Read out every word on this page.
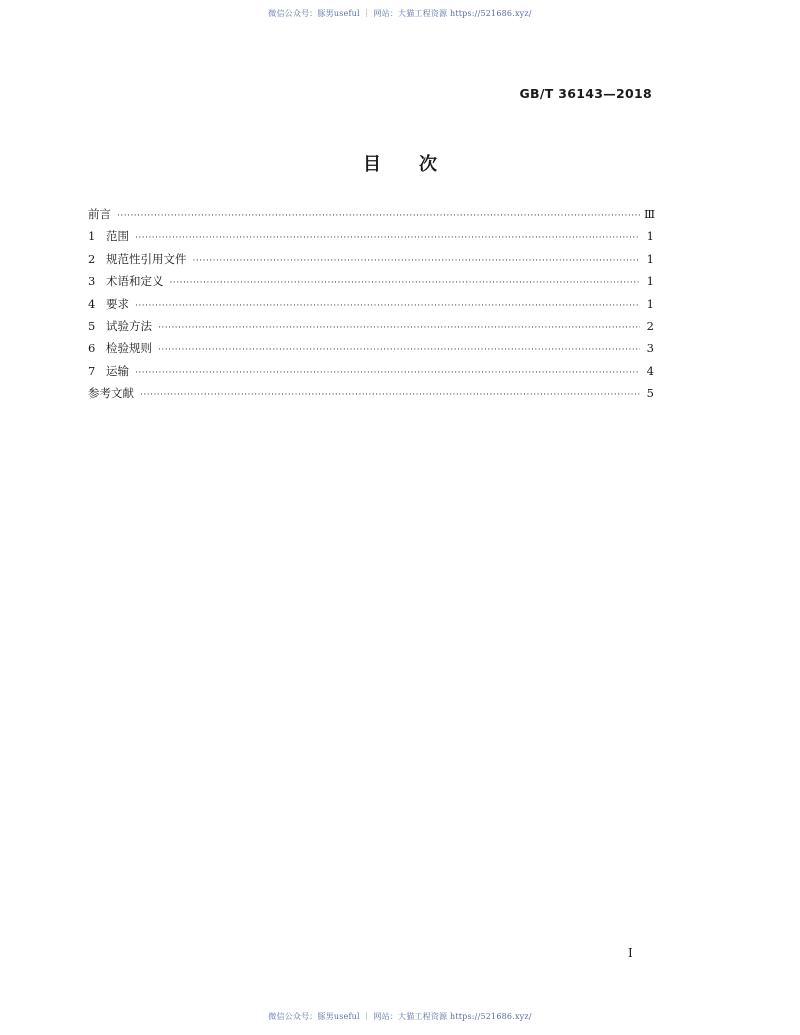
微信公众号：豚男useful ｜ 网站：大猫工程资源 https://521686.xyz/
GB/T 36143—2018
目次
前言 ·····	Ⅲ
1 范围 ·····	1
2 规范性引用文件 ·····	1
3 术语和定义 ·····	1
4 要求 ·····	1
5 试验方法 ·····	2
6 检验规则 ·····	3
7 运输 ·····	4
参考文献 ·····	5
I
微信公众号：豚男useful ｜ 网站：大猫工程资源 https://521686.xyz/
